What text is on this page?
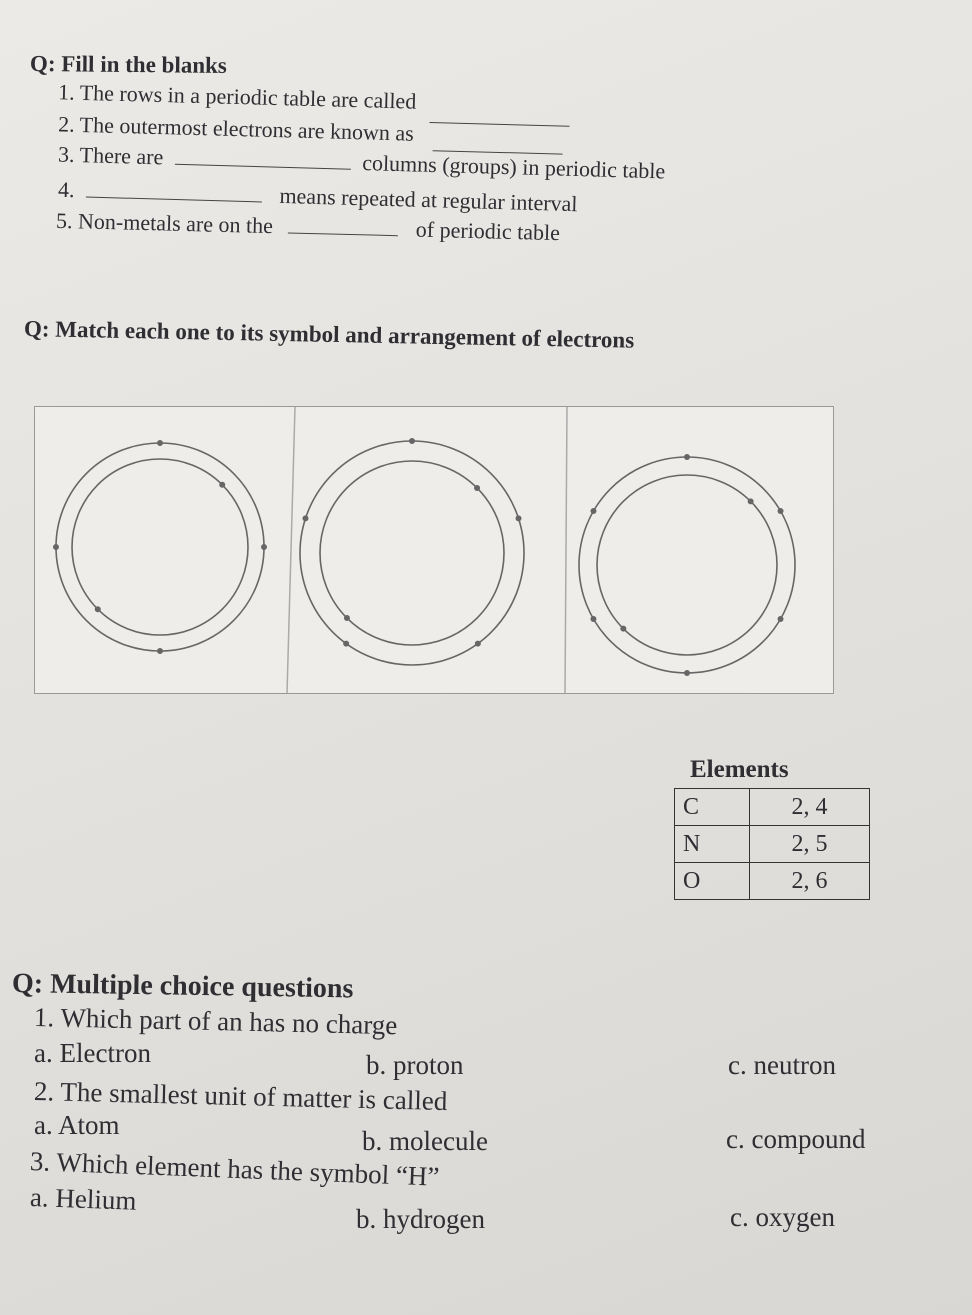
Q: Fill in the blanks
1. The rows in a periodic table are called
2. The outermost electrons are known as
3. There are	columns (groups) in periodic table
4.	means repeated at regular interval
5. Non-metals are on the	of periodic table
Q: Match each one to its symbol and arrangement of electrons
Elements
C	2, 4
N	2, 5
O	2, 6
Q: Multiple choice questions
1. Which part of an has no charge
a. Electron	b. proton	c. neutron
2. The smallest unit of matter is called
a. Atom
b. molecule	c. compound
3. Which element has the symbol “H”
a. Helium
b. hydrogen	c. oxygen
